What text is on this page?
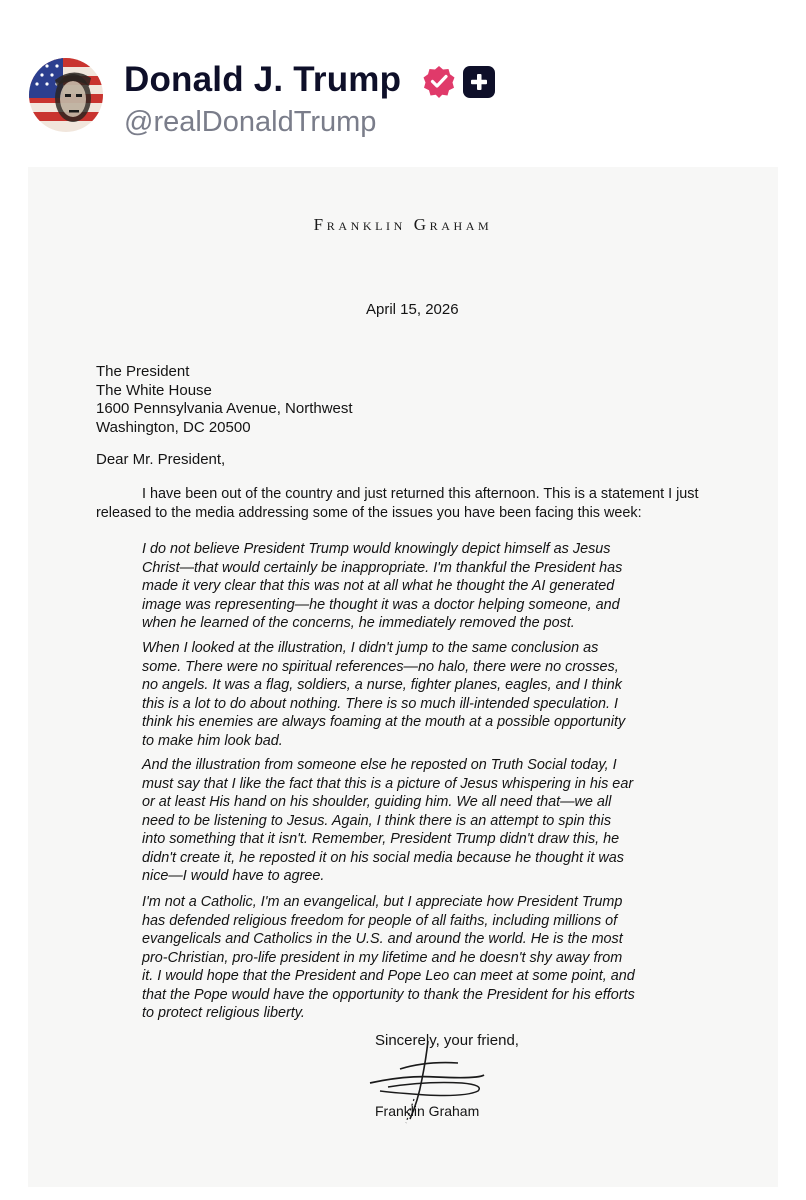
Donald J. Trump
@realDonaldTrump
Franklin Graham
April 15, 2026
The President
The White House
1600 Pennsylvania Avenue, Northwest
Washington, DC 20500
Dear Mr. President,
I have been out of the country and just returned this afternoon. This is a statement I just released to the media addressing some of the issues you have been facing this week:
I do not believe President Trump would knowingly depict himself as Jesus
Christ—that would certainly be inappropriate. I'm thankful the President has
made it very clear that this was not at all what he thought the AI generated
image was representing—he thought it was a doctor helping someone, and
when he learned of the concerns, he immediately removed the post.
When I looked at the illustration, I didn't jump to the same conclusion as
some. There were no spiritual references—no halo, there were no crosses,
no angels. It was a flag, soldiers, a nurse, fighter planes, eagles, and I think
this is a lot to do about nothing. There is so much ill-intended speculation. I
think his enemies are always foaming at the mouth at a possible opportunity
to make him look bad.
And the illustration from someone else he reposted on Truth Social today, I
must say that I like the fact that this is a picture of Jesus whispering in his ear
or at least His hand on his shoulder, guiding him. We all need that—we all
need to be listening to Jesus. Again, I think there is an attempt to spin this
into something that it isn't. Remember, President Trump didn't draw this, he
didn't create it, he reposted it on his social media because he thought it was
nice—I would have to agree.
I'm not a Catholic, I'm an evangelical, but I appreciate how President Trump
has defended religious freedom for people of all faiths, including millions of
evangelicals and Catholics in the U.S. and around the world. He is the most
pro-Christian, pro-life president in my lifetime and he doesn't shy away from
it. I would hope that the President and Pope Leo can meet at some point, and
that the Pope would have the opportunity to thank the President for his efforts
to protect religious liberty.
Sincerely, your friend,
Franklin Graham
